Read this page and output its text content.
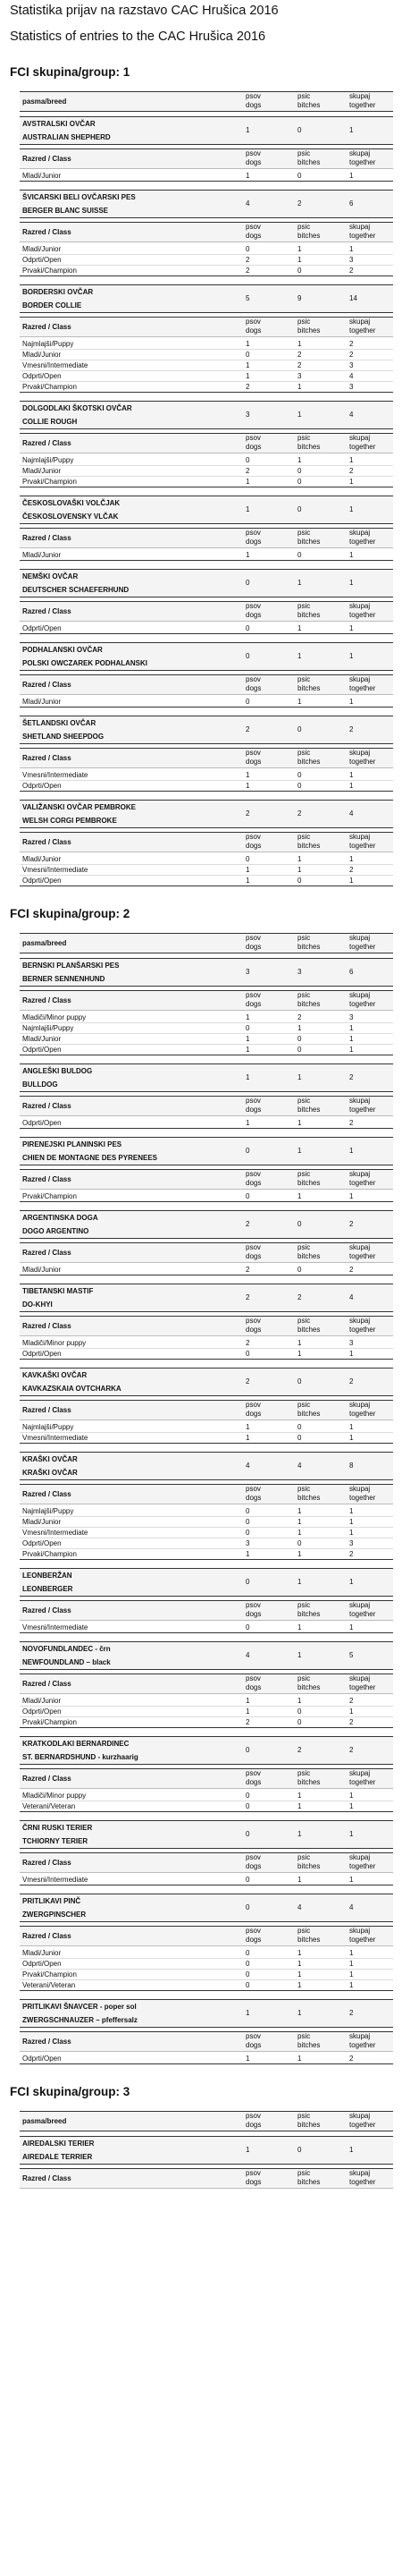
Statistika prijav na razstavo CAC Hrušica 2016
Statistics of entries to the CAC Hrušica 2016
FCI skupina/group: 1
pasma/breed
psov
dogs
psic
bitches
skupaj
together
AVSTRALSKI OVČAR
AUSTRALIAN SHEPHERD
1	0	1
Razred / Class
psov
dogs
psic
bitches
skupaj
together
Mladi/Junior	1	0	1
ŠVICARSKI BELI OVČARSKI PES
BERGER BLANC SUISSE
4	2	6
Razred / Class
psov
dogs
psic
bitches
skupaj
together
Mladi/Junior	0	1	1
Odprti/Open	2	1	3
Prvaki/Champion	2	0	2
BORDERSKI OVČAR
BORDER COLLIE
5	9	14
Razred / Class
psov
dogs
psic
bitches
skupaj
together
Najmlajši/Puppy	1	1	2
Mladi/Junior	0	2	2
Vmesni/Intermediate	1	2	3
Odprti/Open	1	3	4
Prvaki/Champion	2	1	3
DOLGODLAKI ŠKOTSKI OVČAR
COLLIE ROUGH
3	1	4
Razred / Class
psov
dogs
psic
bitches
skupaj
together
Najmlajši/Puppy	0	1	1
Mladi/Junior	2	0	2
Prvaki/Champion	1	0	1
ČESKOSLOVAŠKI VOLČJAK
ČESKOSLOVENSKY VLČAK
1	0	1
Razred / Class
psov
dogs
psic
bitches
skupaj
together
Mladi/Junior	1	0	1
NEMŠKI OVČAR
DEUTSCHER SCHAEFERHUND
0	1	1
Razred / Class
psov
dogs
psic
bitches
skupaj
together
Odprti/Open	0	1	1
PODHALANSKI OVČAR
POLSKI OWCZAREK PODHALANSKI
0	1	1
Razred / Class
psov
dogs
psic
bitches
skupaj
together
Mladi/Junior	0	1	1
ŠETLANDSKI OVČAR
SHETLAND SHEEPDOG
2	0	2
Razred / Class
psov
dogs
psic
bitches
skupaj
together
Vmesni/Intermediate	1	0	1
Odprti/Open	1	0	1
VALIŽANSKI OVČAR PEMBROKE
WELSH CORGI PEMBROKE
2	2	4
Razred / Class
psov
dogs
psic
bitches
skupaj
together
Mladi/Junior	0	1	1
Vmesni/Intermediate	1	1	2
Odprti/Open	1	0	1
FCI skupina/group: 2
pasma/breed
psov
dogs
psic
bitches
skupaj
together
BERNSKI PLANŠARSKI PES
BERNER SENNENHUND
3	3	6
Razred / Class
psov
dogs
psic
bitches
skupaj
together
Mladiči/Minor puppy	1	2	3
Najmlajši/Puppy	0	1	1
Mladi/Junior	1	0	1
Odprti/Open	1	0	1
ANGLEŠKI BULDOG
BULLDOG
1	1	2
Razred / Class
psov
dogs
psic
bitches
skupaj
together
Odprti/Open	1	1	2
PIRENEJSKI PLANINSKI PES
CHIEN DE MONTAGNE DES PYRENEES
0	1	1
Razred / Class
psov
dogs
psic
bitches
skupaj
together
Prvaki/Champion	0	1	1
ARGENTINSKA DOGA
DOGO ARGENTINO
2	0	2
Razred / Class
psov
dogs
psic
bitches
skupaj
together
Mladi/Junior	2	0	2
TIBETANSKI MASTIF
DO-KHYI
2	2	4
Razred / Class
psov
dogs
psic
bitches
skupaj
together
Mladiči/Minor puppy	2	1	3
Odprti/Open	0	1	1
KAVKAŠKI OVČAR
KAVKAZSKAIA OVTCHARKA
2	0	2
Razred / Class
psov
dogs
psic
bitches
skupaj
together
Najmlajši/Puppy	1	0	1
Vmesni/Intermediate	1	0	1
KRAŠKI OVČAR
KRAŠKI OVČAR
4	4	8
Razred / Class
psov
dogs
psic
bitches
skupaj
together
Najmlajši/Puppy	0	1	1
Mladi/Junior	0	1	1
Vmesni/Intermediate	0	1	1
Odprti/Open	3	0	3
Prvaki/Champion	1	1	2
LEONBERŽAN
LEONBERGER
0	1	1
Razred / Class
psov
dogs
psic
bitches
skupaj
together
Vmesni/Intermediate	0	1	1
NOVOFUNDLANDEC - črn
NEWFOUNDLAND – black
4	1	5
Razred / Class
psov
dogs
psic
bitches
skupaj
together
Mladi/Junior	1	1	2
Odprti/Open	1	0	1
Prvaki/Champion	2	0	2
KRATKODLAKI BERNARDINEC
ST. BERNARDSHUND - kurzhaarig
0	2	2
Razred / Class
psov
dogs
psic
bitches
skupaj
together
Mladiči/Minor puppy	0	1	1
Veterani/Veteran	0	1	1
ČRNI RUSKI TERIER
TCHIORNY TERIER
0	1	1
Razred / Class
psov
dogs
psic
bitches
skupaj
together
Vmesni/Intermediate	0	1	1
PRITLIKAVI PINČ
ZWERGPINSCHER
0	4	4
Razred / Class
psov
dogs
psic
bitches
skupaj
together
Mladi/Junior	0	1	1
Odprti/Open	0	1	1
Prvaki/Champion	0	1	1
Veterani/Veteran	0	1	1
PRITLIKAVI ŠNAVCER - poper sol
ZWERGSCHNAUZER – pfeffersalz
1	1	2
Razred / Class
psov
dogs
psic
bitches
skupaj
together
Odprti/Open	1	1	2
FCI skupina/group: 3
pasma/breed
psov
dogs
psic
bitches
skupaj
together
AIREDALSKI TERIER
AIREDALE TERRIER
1	0	1
Razred / Class
psov
dogs
psic
bitches
skupaj
together
